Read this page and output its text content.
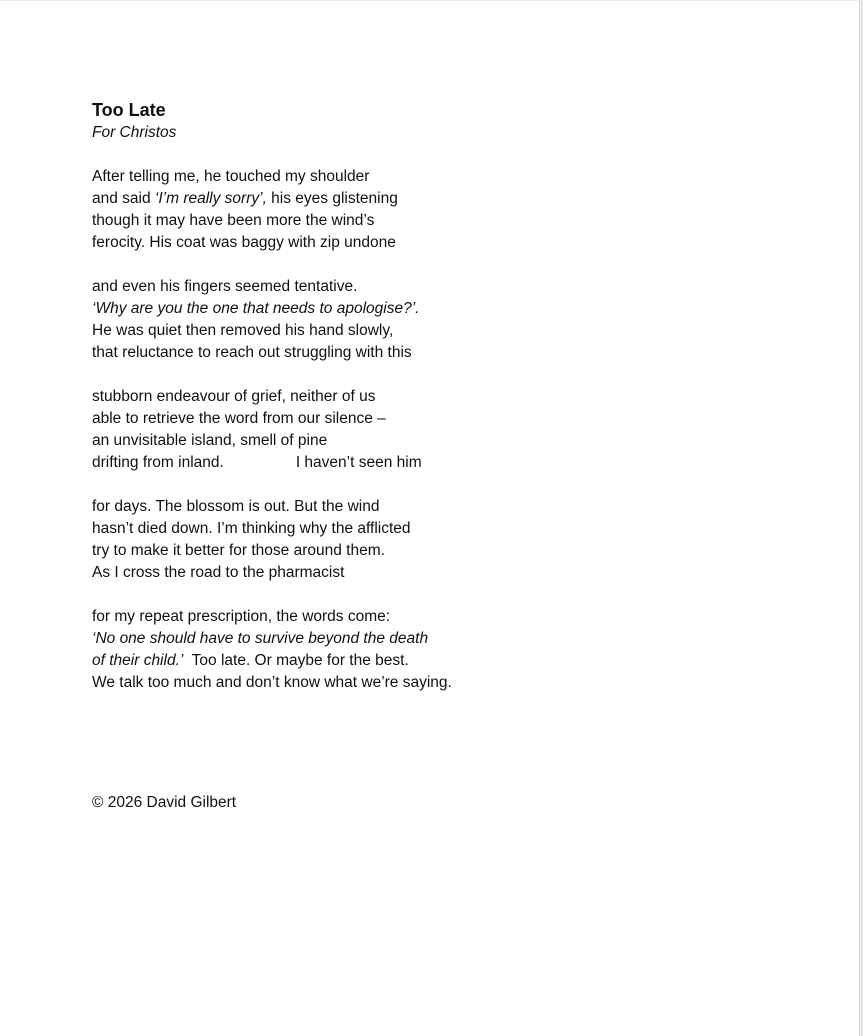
Too Late

For Christos

After telling me, he touched my shoulder
and said ‘I’m really sorry’, his eyes glistening
though it may have been more the wind’s
ferocity. His coat was baggy with zip undone
and even his fingers seemed tentative.
‘Why are you the one that needs to apologise?’.
He was quiet then removed his hand slowly,
that reluctance to reach out struggling with this
stubborn endeavour of grief, neither of us
able to retrieve the word from our silence –
an unvisitable island, smell of pine
drifting from inland.	I haven’t seen him
for days. The blossom is out. But the wind
hasn’t died down. I’m thinking why the afflicted
try to make it better for those around them.
As I cross the road to the pharmacist
for my repeat prescription, the words come:
‘No one should have to survive beyond the death
of their child.’  Too late. Or maybe for the best.
We talk too much and don’t know what we’re saying.
© 2026 David Gilbert
